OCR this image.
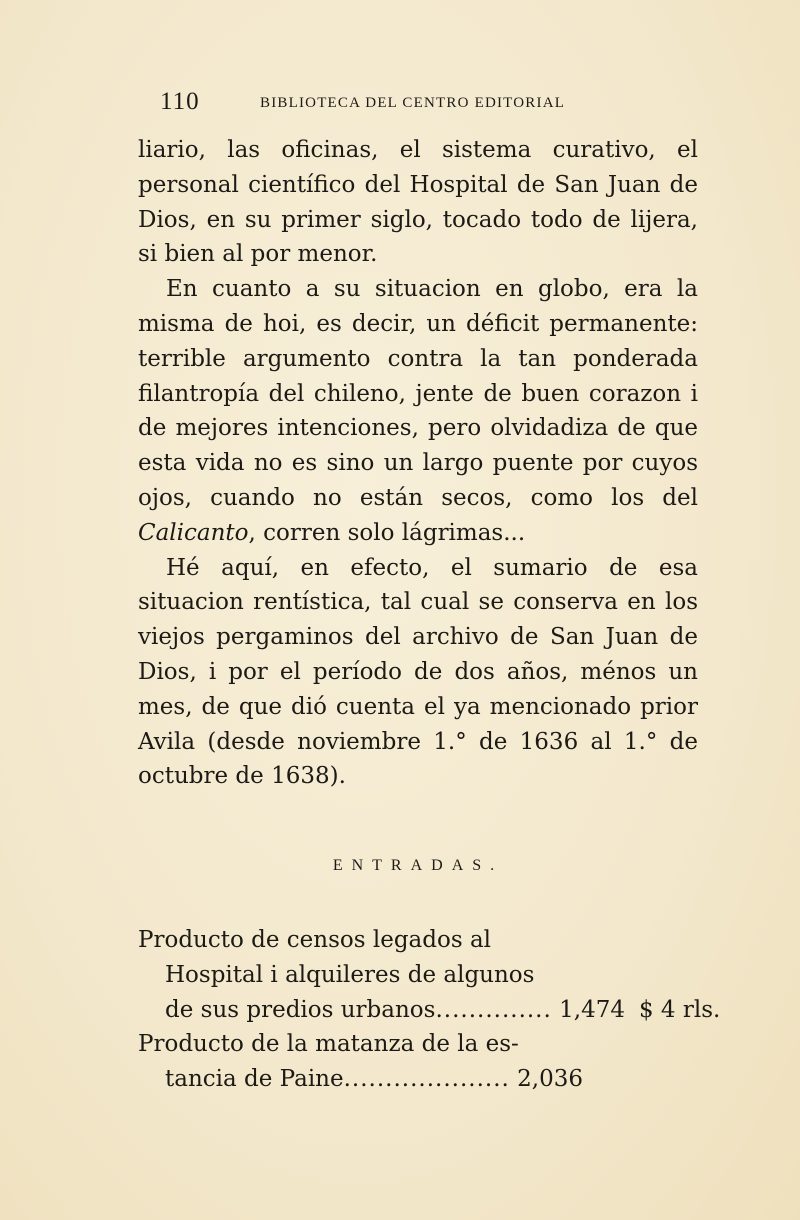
110	BIBLIOTECA DEL CENTRO EDITORIAL

liario, las oficinas, el sistema curativo, el personal científico del Hospital de San Juan de Dios, en su primer siglo, tocado todo de lijera, si bien al por menor.

En cuanto a su situacion en globo, era la misma de hoi, es decir, un déficit permanente: terrible argumento contra la tan ponderada filantropía del chileno, jente de buen corazon i de mejores intenciones, pero olvidadiza de que esta vida no es sino un largo puente por cuyos ojos, cuando no están secos, como los del Calicanto, corren solo lágrimas...

Hé aquí, en efecto, el sumario de esa situacion rentística, tal cual se conserva en los viejos pergaminos del archivo de San Juan de Dios, i por el período de dos años, ménos un mes, de que dió cuenta el ya mencionado prior Avila (desde noviembre 1.° de 1636 al 1.° de octubre de 1638).

ENTRADAS.
Producto de censos legados al
Hospital i alquileres de algunos
de sus predios urbanos .....	1,474 $ 4 rls.
Producto de la matanza de la es-
tancia de Paine .....	2,036
